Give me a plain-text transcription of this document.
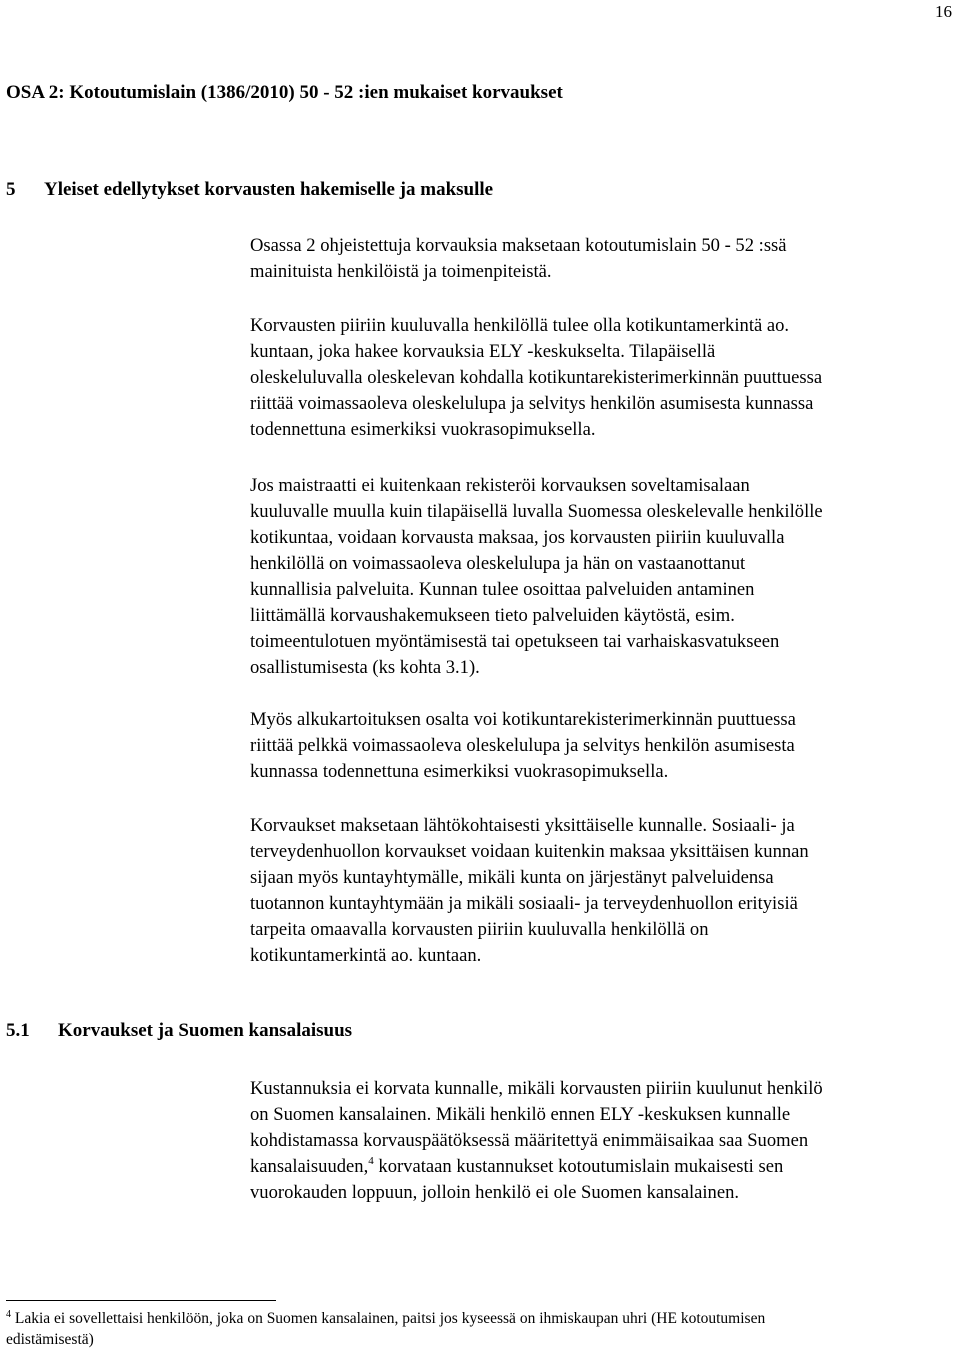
16
OSA 2: Kotoutumislain (1386/2010) 50 - 52 :ien mukaiset korvaukset
5 Yleiset edellytykset korvausten hakemiselle ja maksulle
Osassa 2 ohjeistettuja korvauksia maksetaan kotoutumislain 50 - 52 :ssä
mainituista henkilöistä ja toimenpiteistä.
Korvausten piiriin kuuluvalla henkilöllä tulee olla kotikuntamerkintä ao.
kuntaan, joka hakee korvauksia ELY -keskukselta. Tilapäisellä
oleskeluluvalla oleskelevan kohdalla kotikuntarekisterimerkinnän puuttuessa
riittää voimassaoleva oleskelulupa ja selvitys henkilön asumisesta kunnassa
todennettuna esimerkiksi vuokrasopimuksella.
Jos maistraatti ei kuitenkaan rekisteröi korvauksen soveltamisalaan
kuuluvalle muulla kuin tilapäisellä luvalla Suomessa oleskelevalle henkilölle
kotikuntaa, voidaan korvausta maksaa, jos korvausten piiriin kuuluvalla
henkilöllä on voimassaoleva oleskelulupa ja hän on vastaanottanut
kunnallisia palveluita. Kunnan tulee osoittaa palveluiden antaminen
liittämällä korvaushakemukseen tieto palveluiden käytöstä, esim.
toimeentulotuen myöntämisestä tai opetukseen tai varhaiskasvatukseen
osallistumisesta (ks kohta 3.1).
Myös alkukartoituksen osalta voi kotikuntarekisterimerkinnän puuttuessa
riittää pelkkä voimassaoleva oleskelulupa ja selvitys henkilön asumisesta
kunnassa todennettuna esimerkiksi vuokrasopimuksella.
Korvaukset maksetaan lähtökohtaisesti yksittäiselle kunnalle. Sosiaali- ja
terveydenhuollon korvaukset voidaan kuitenkin maksaa yksittäisen kunnan
sijaan myös kuntayhtymälle, mikäli kunta on järjestänyt palveluidensa
tuotannon kuntayhtymään ja mikäli sosiaali- ja terveydenhuollon erityisiä
tarpeita omaavalla korvausten piiriin kuuluvalla henkilöllä on
kotikuntamerkintä ao. kuntaan.
5.1 Korvaukset ja Suomen kansalaisuus
Kustannuksia ei korvata kunnalle, mikäli korvausten piiriin kuulunut henkilö
on Suomen kansalainen. Mikäli henkilö ennen ELY -keskuksen kunnalle
kohdistamassa korvauspäätöksessä määritettyä enimmäisaikaa saa Suomen
kansalaisuuden,$^4$ korvataan kustannukset kotoutumislain mukaisesti sen
vuorokauden loppuun, jolloin henkilö ei ole Suomen kansalainen.
$^4$ Lakia ei sovellettaisi henkilöön, joka on Suomen kansalainen, paitsi jos kyseessä on ihmiskaupan uhri (HE kotoutumisen
edistämisestä)
